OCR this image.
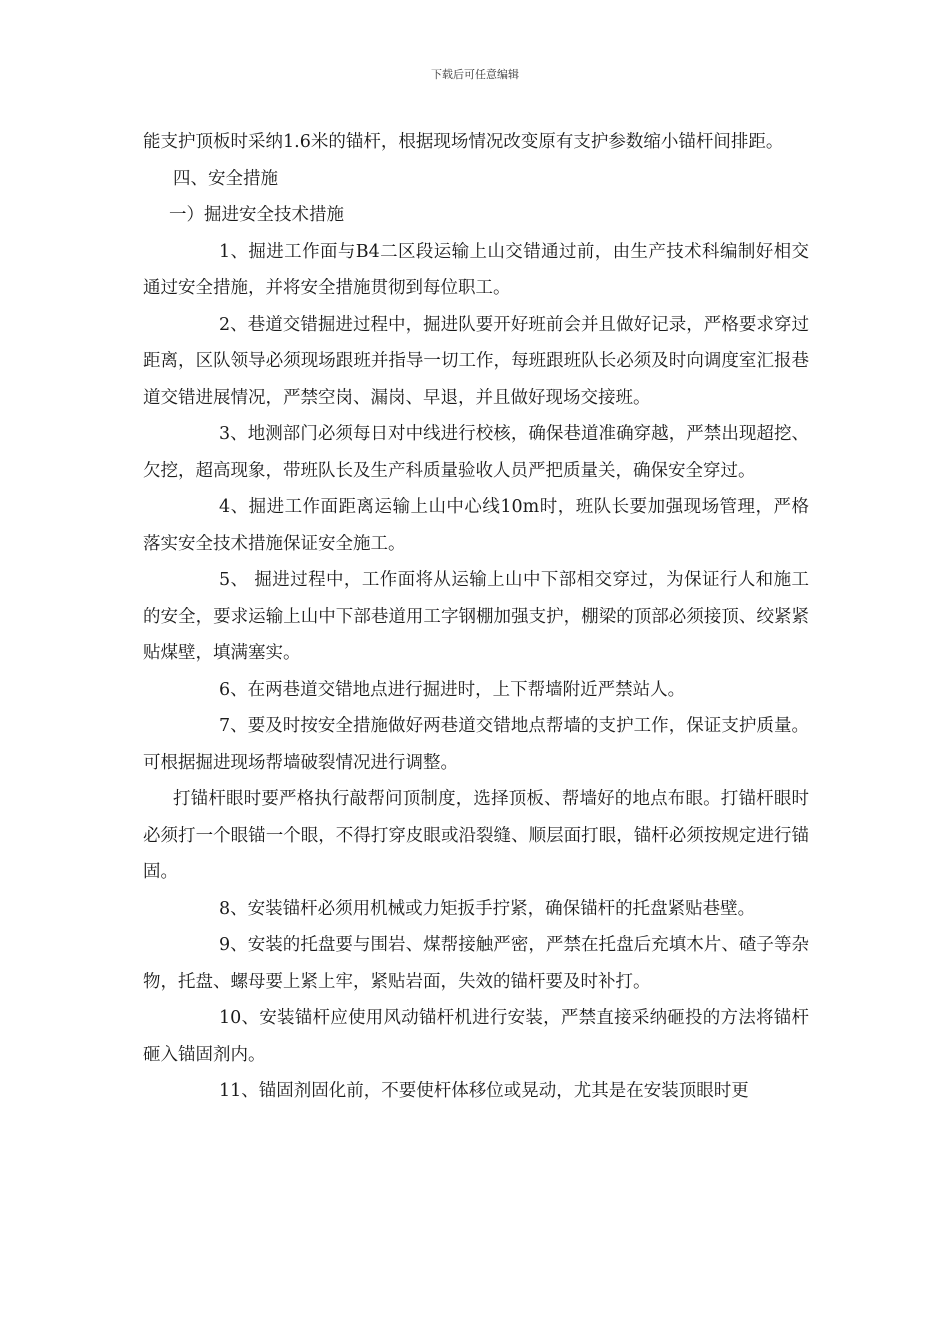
下载后可任意编辑

能支护顶板时采纳1.6米的锚杆，根据现场情况改变原有支护参数缩小锚杆间排距。

四、安全措施

一）掘进安全技术措施

1、掘进工作面与B4二区段运输上山交错通过前，由生产技术科编制好相交通过安全措施，并将安全措施贯彻到每位职工。

2、巷道交错掘进过程中，掘进队要开好班前会并且做好记录，严格要求穿过距离，区队领导必须现场跟班并指导一切工作，每班跟班队长必须及时向调度室汇报巷道交错进展情况，严禁空岗、漏岗、早退，并且做好现场交接班。

3、地测部门必须每日对中线进行校核，确保巷道准确穿越，严禁出现超挖、欠挖，超高现象，带班队长及生产科质量验收人员严把质量关，确保安全穿过。

4、掘进工作面距离运输上山中心线10m时，班队长要加强现场管理，严格落实安全技术措施保证安全施工。

5、 掘进过程中，工作面将从运输上山中下部相交穿过，为保证行人和施工的安全，要求运输上山中下部巷道用工字钢棚加强支护，棚梁的顶部必须接顶、绞紧紧贴煤壁，填满塞实。

6、在两巷道交错地点进行掘进时，上下帮墙附近严禁站人。

7、要及时按安全措施做好两巷道交错地点帮墙的支护工作，保证支护质量。可根据掘进现场帮墙破裂情况进行调整。

打锚杆眼时要严格执行敲帮问顶制度，选择顶板、帮墙好的地点布眼。打锚杆眼时必须打一个眼锚一个眼，不得打穿皮眼或沿裂缝、顺层面打眼，锚杆必须按规定进行锚固。

8、安装锚杆必须用机械或力矩扳手拧紧，确保锚杆的托盘紧贴巷壁。

9、安装的托盘要与围岩、煤帮接触严密，严禁在托盘后充填木片、碴子等杂物，托盘、螺母要上紧上牢，紧贴岩面，失效的锚杆要及时补打。

10、安装锚杆应使用风动锚杆机进行安装，严禁直接采纳砸投的方法将锚杆砸入锚固剂内。

11、锚固剂固化前，不要使杆体移位或晃动，尤其是在安装顶眼时更
